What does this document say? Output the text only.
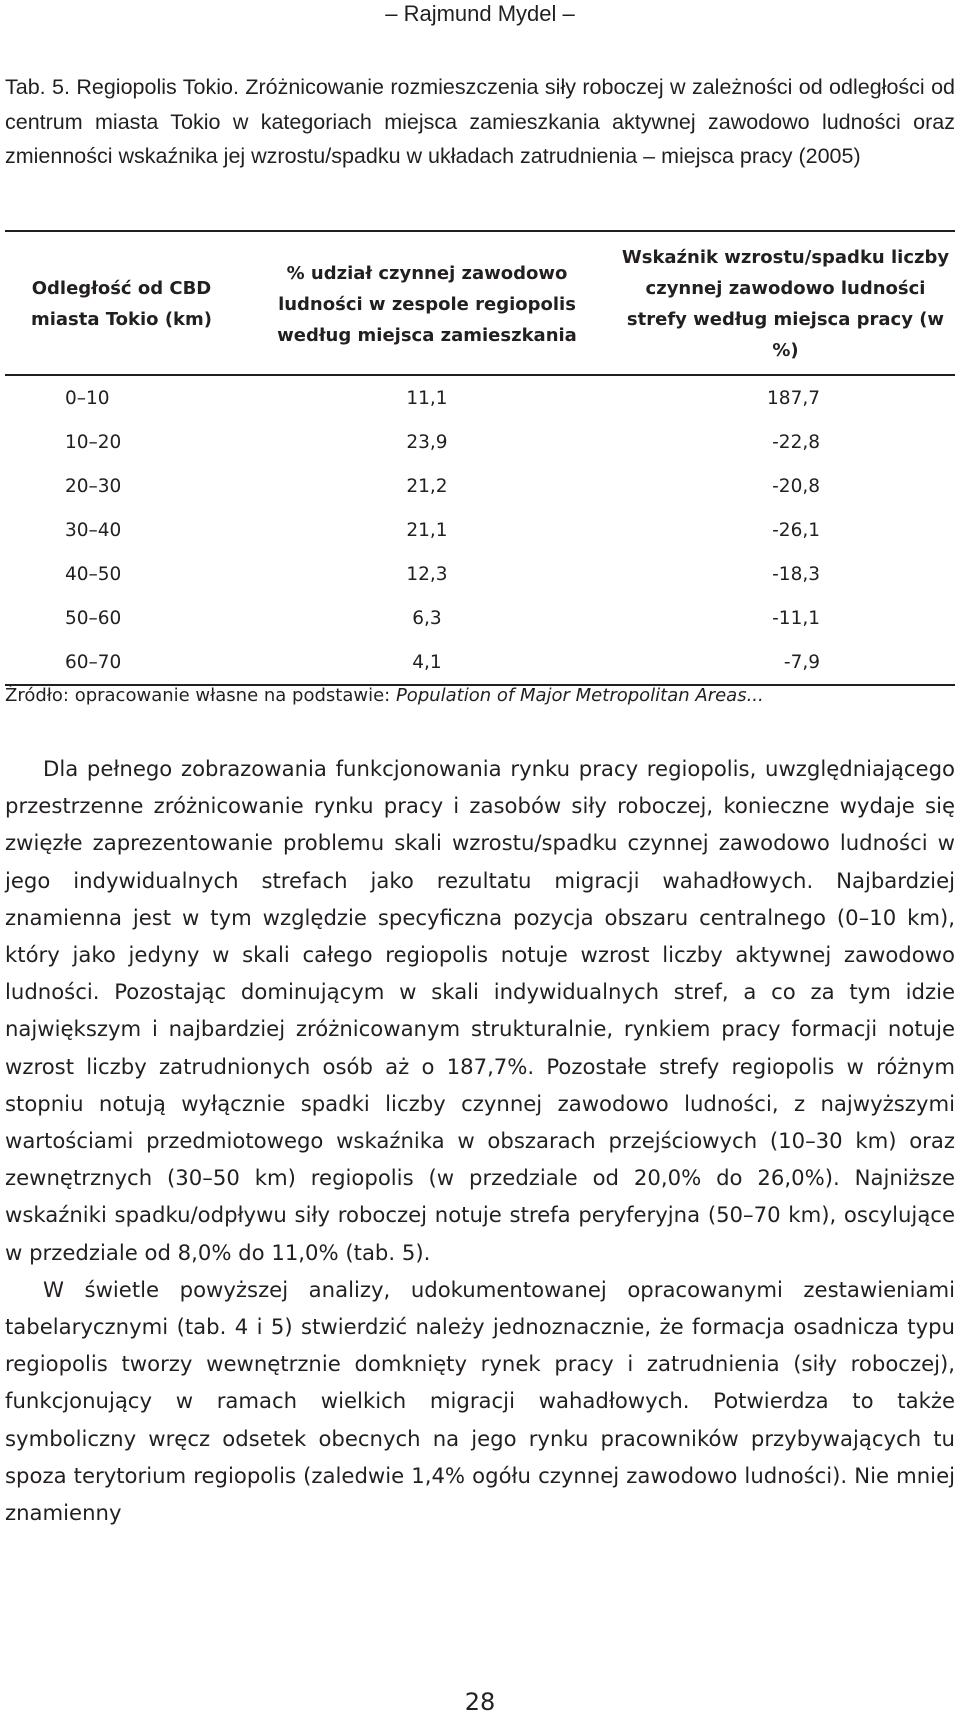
– Rajmund Mydel –
Tab. 5. Regiopolis Tokio. Zróżnicowanie rozmieszczenia siły roboczej w zależności od odległości od centrum miasta Tokio w kategoriach miejsca zamieszkania aktywnej zawodowo ludności oraz zmienności wskaźnika jej wzrostu/spadku w układach zatrudnienia – miejsca pracy (2005)
Odległość od CBD miasta Tokio (km)	% udział czynnej zawodowo ludności w zespole regiopolis według miejsca zamieszkania	Wskaźnik wzrostu/spadku liczby czynnej zawodowo ludności strefy według miejsca pracy (w %)
0–10	11,1	187,7
10–20	23,9	-22,8
20–30	21,2	-20,8
30–40	21,1	-26,1
40–50	12,3	-18,3
50–60	6,3	-11,1
60–70	4,1	-7,9
Źródło: opracowanie własne na podstawie: Population of Major Metropolitan Areas...

Dla pełnego zobrazowania funkcjonowania rynku pracy regiopolis, uwzględniającego przestrzenne zróżnicowanie rynku pracy i zasobów siły roboczej, konieczne wydaje się zwięzłe zaprezentowanie problemu skali wzrostu/spadku czynnej zawodowo ludności w jego indywidualnych strefach jako rezultatu migracji wahadłowych. Najbardziej znamienna jest w tym względzie specyficzna pozycja obszaru centralnego (0–10 km), który jako jedyny w skali całego regiopolis notuje wzrost liczby aktywnej zawodowo ludności. Pozostając dominującym w skali indywidualnych stref, a co za tym idzie największym i najbardziej zróżnicowanym strukturalnie, rynkiem pracy formacji notuje wzrost liczby zatrudnionych osób aż o 187,7%. Pozostałe strefy regiopolis w różnym stopniu notują wyłącznie spadki liczby czynnej zawodowo ludności, z najwyższymi wartościami przedmiotowego wskaźnika w obszarach przejściowych (10–30 km) oraz zewnętrznych (30–50 km) regiopolis (w przedziale od 20,0% do 26,0%). Najniższe wskaźniki spadku/odpływu siły roboczej notuje strefa peryferyjna (50–70 km), oscylujące w przedziale od 8,0% do 11,0% (tab. 5).

W świetle powyższej analizy, udokumentowanej opracowanymi zestawieniami tabelarycznymi (tab. 4 i 5) stwierdzić należy jednoznacznie, że formacja osadnicza typu regiopolis tworzy wewnętrznie domknięty rynek pracy i zatrudnienia (siły roboczej), funkcjonujący w ramach wielkich migracji wahadłowych. Potwierdza to także symboliczny wręcz odsetek obecnych na jego rynku pracowników przybywających tu spoza terytorium regiopolis (zaledwie 1,4% ogółu czynnej zawodowo ludności). Nie mniej znamienny

28
